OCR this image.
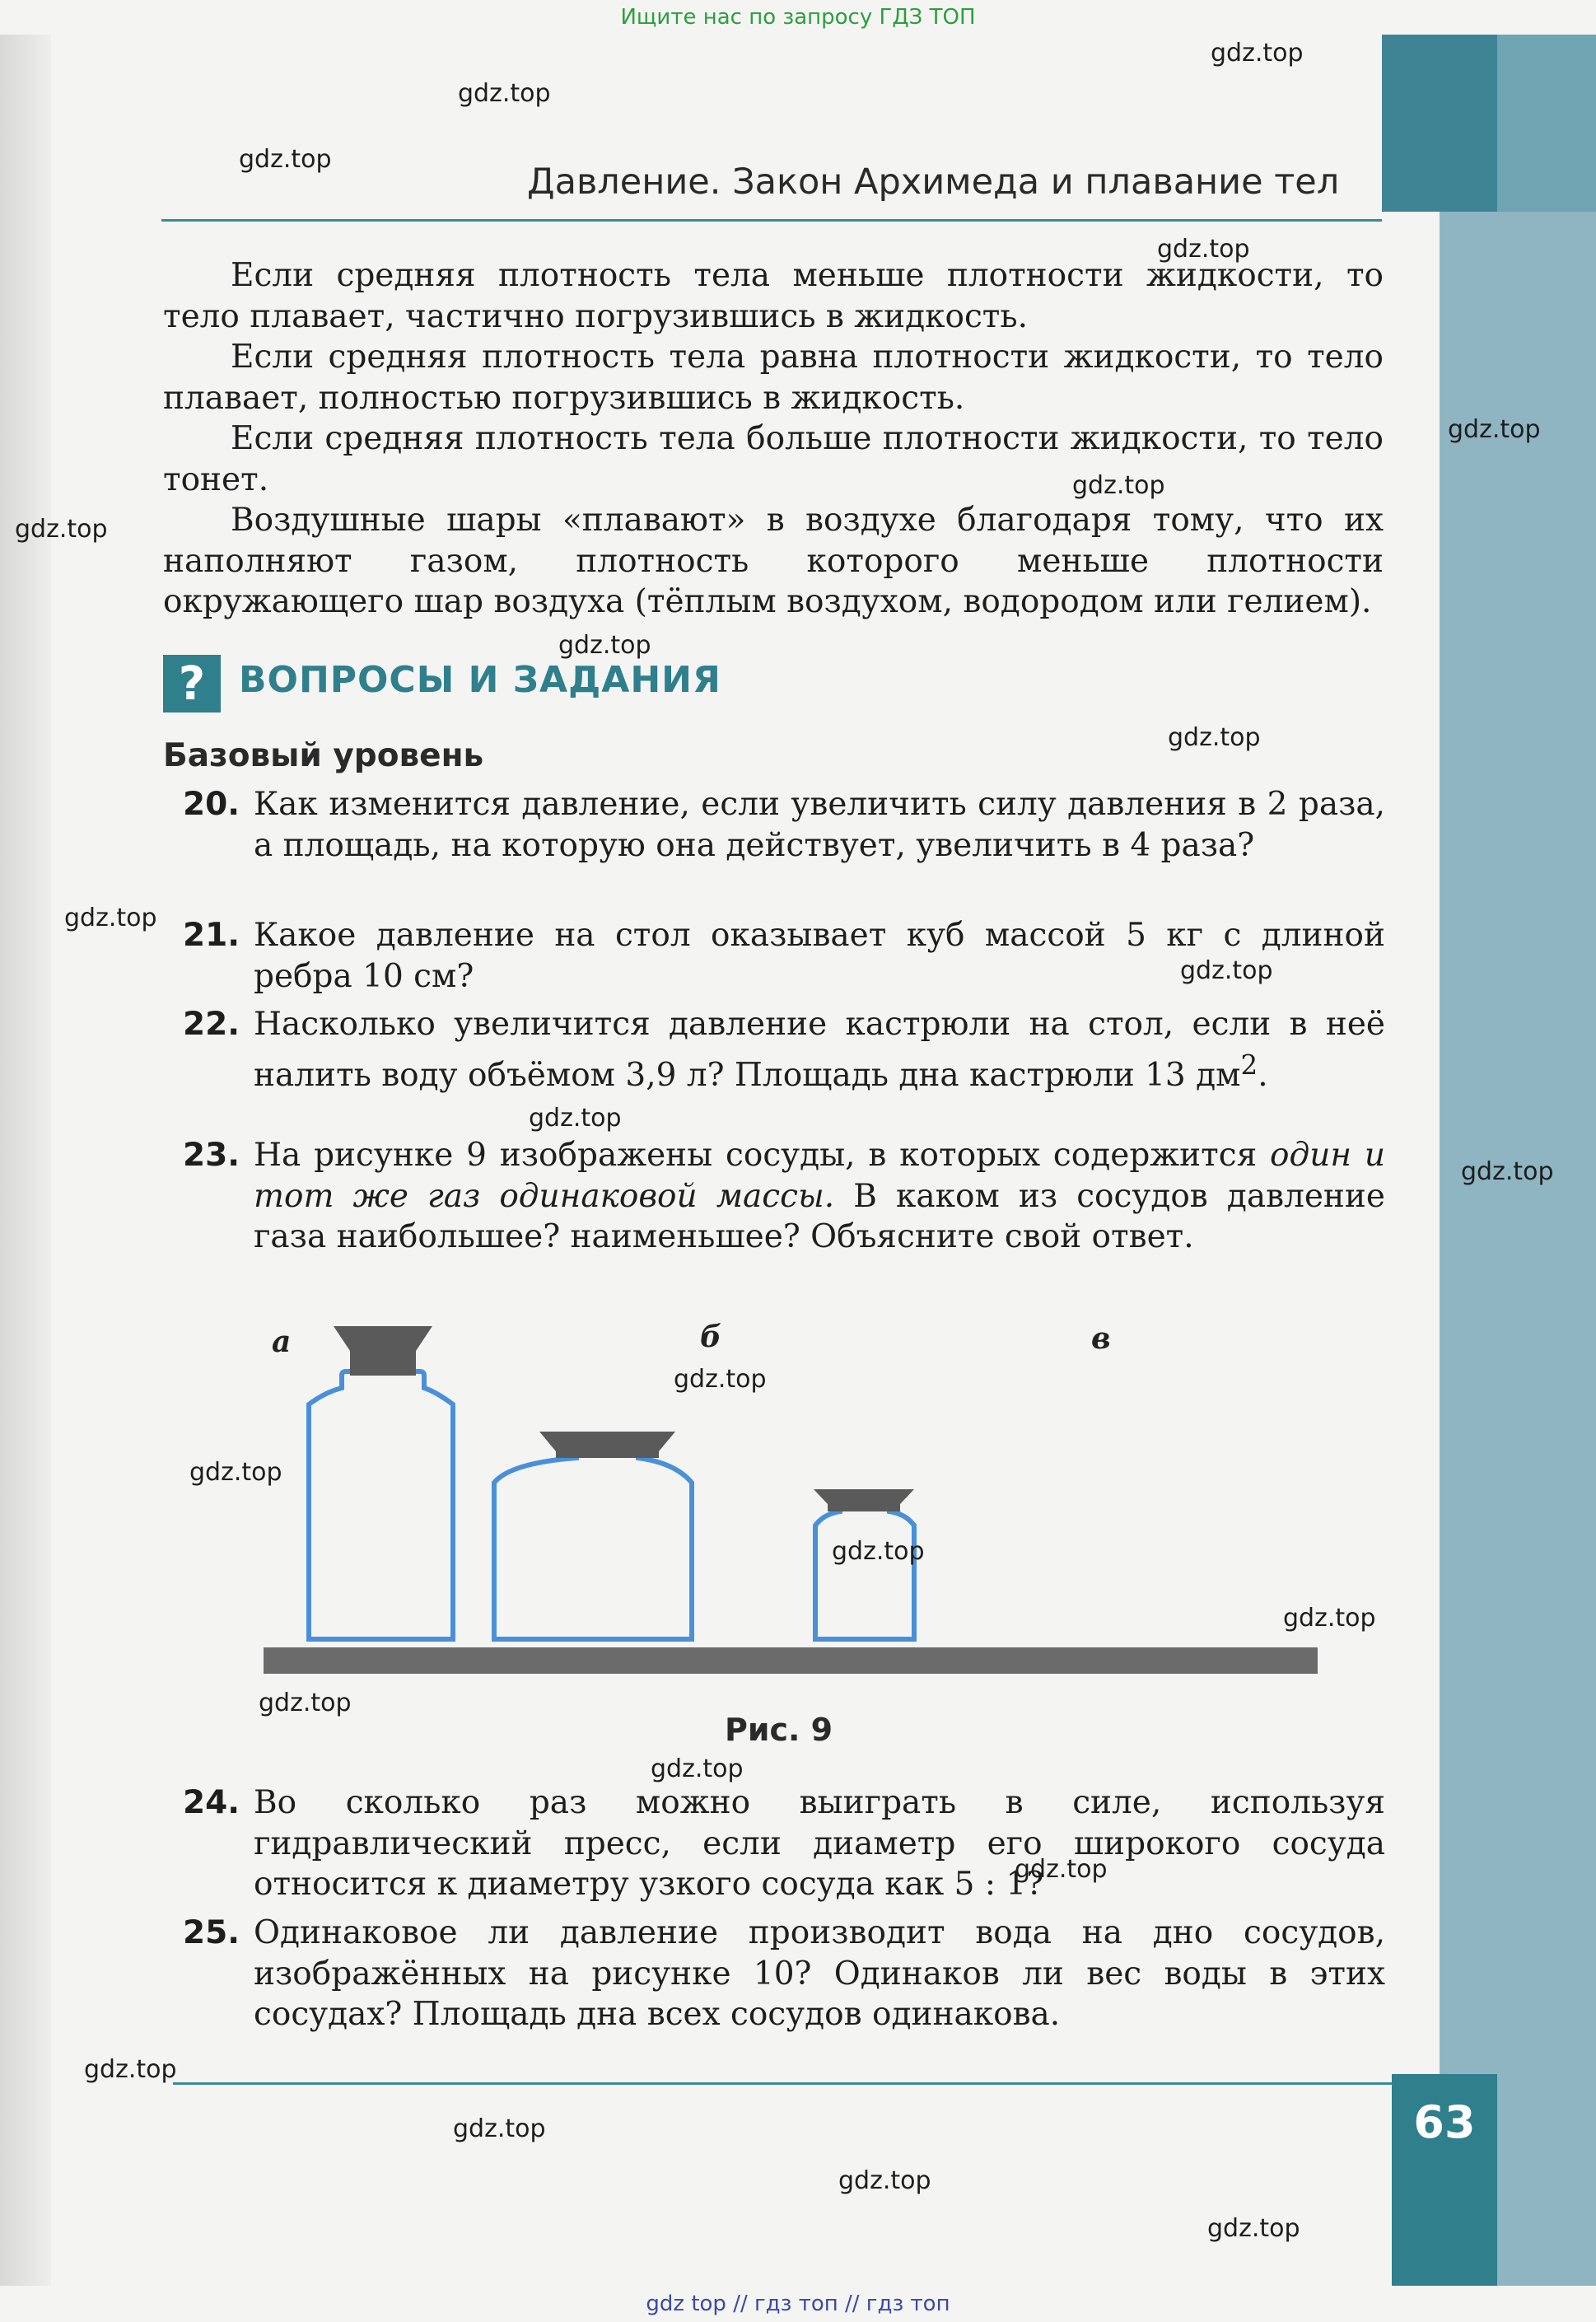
Ищите нас по запросу ГДЗ ТОП
Давление. Закон Архимеда и плавание тел

Если средняя плотность тела меньше плотности жидкости, то тело плавает, частично погрузившись в жидкость.

Если средняя плотность тела равна плотности жидкости, то тело плавает, полностью погрузившись в жидкость.

Если средняя плотность тела больше плотности жидкости, то тело тонет.

Воздушные шары «плавают» в воздухе благодаря тому, что их наполняют газом, плотность которого меньше плотности окружающего шар воздуха (тёплым воздухом, водородом или гелием).

? ВОПРОСЫ И ЗАДАНИЯ
Базовый уровень
20. Как изменится давление, если увеличить силу давления в 2 раза, а площадь, на которую она действует, увеличить в 4 раза?
21. Какое давление на стол оказывает куб массой 5 кг с длиной ребра 10 см?
22. Насколько увеличится давление кастрюли на стол, если в неё налить воду объёмом 3,9 л? Площадь дна кастрюли 13 $дм^2$.
23. На рисунке 9 изображены сосуды, в которых содержится один и тот же газ одинаковой массы. В каком из сосудов давление газа наибольшее? наименьшее? Объясните свой ответ.
а	б	в
Рис. 9
24. Во сколько раз можно выиграть в силе, используя гидравлический пресс, если диаметр его широкого сосуда относится к диаметру узкого сосуда как 5 : 1?
25. Одинаковое ли давление производит вода на дно сосудов, изображённых на рисунке 10? Одинаков ли вес воды в этих сосудах? Площадь дна всех сосудов одинакова.
63
gdz.top
gdz.top
gdz.top
gdz.top
gdz.top
gdz.top
gdz.top
gdz.top
gdz.top
gdz.top
gdz.top
gdz.top
gdz.top
gdz.top
gdz.top
gdz.top
gdz.top
gdz.top
gdz.top
gdz.top
gdz.top
gdz.top
gdz.top
gdz.top
gdz top // гдз топ // гдз топ
